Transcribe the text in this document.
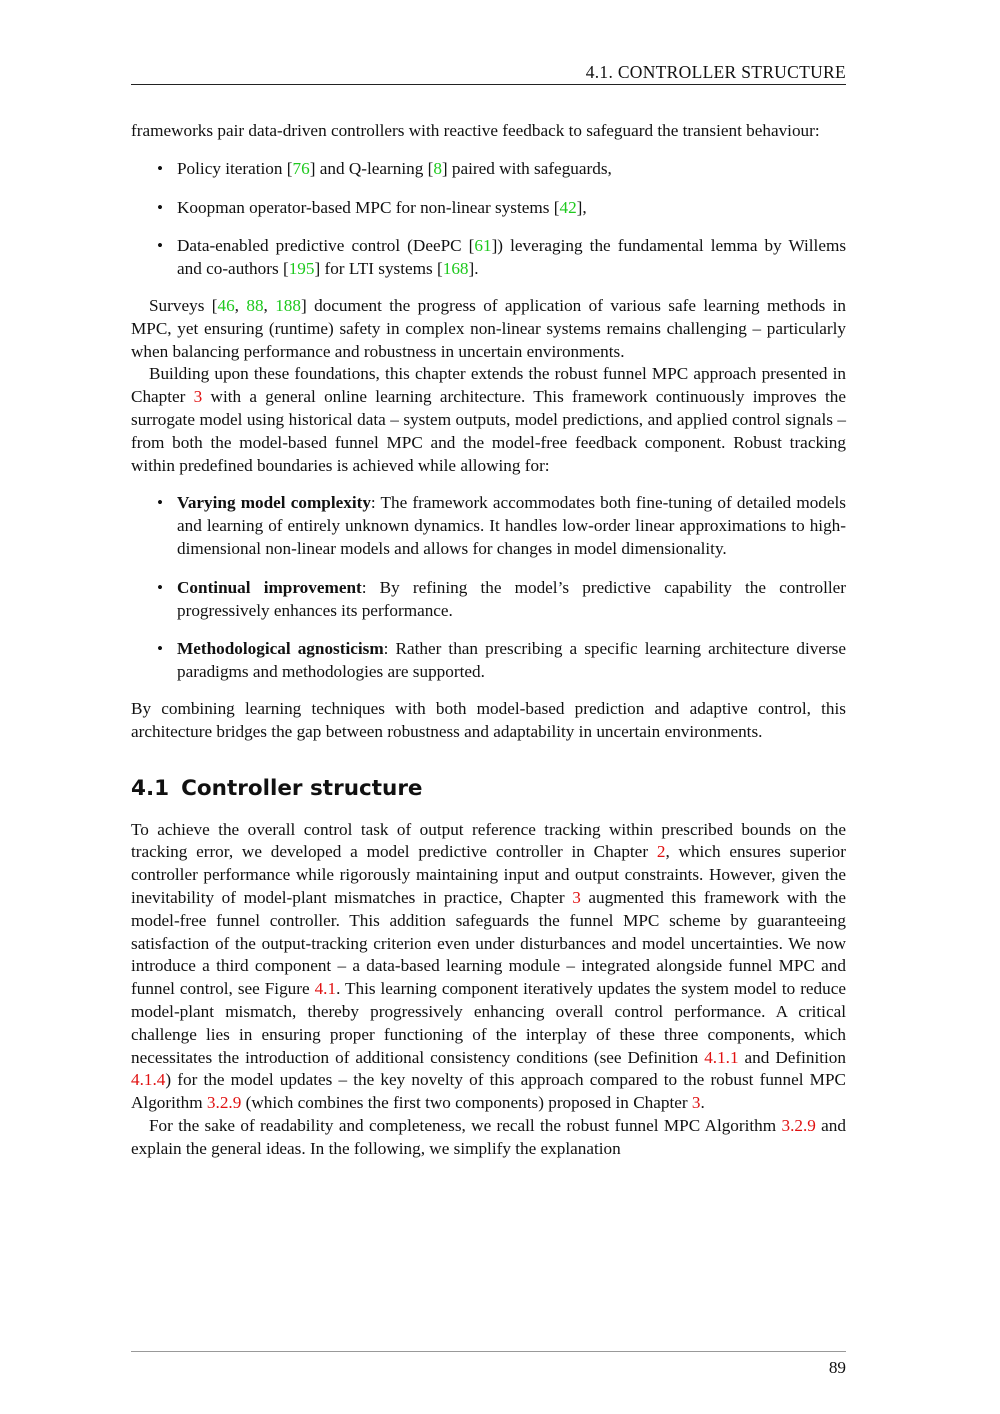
4.1. CONTROLLER STRUCTURE

frameworks pair data-driven controllers with reactive feedback to safeguard the transient behaviour:

• Policy iteration [76] and Q-learning [8] paired with safeguards,
• Koopman operator-based MPC for non-linear systems [42],
• Data-enabled predictive control (DeePC [61]) leveraging the fundamental lemma by Willems and co-authors [195] for LTI systems [168].

Surveys [46, 88, 188] document the progress of application of various safe learning methods in MPC, yet ensuring (runtime) safety in complex non-linear systems remains challenging – particularly when balancing performance and robustness in uncertain environments.

Building upon these foundations, this chapter extends the robust funnel MPC approach presented in Chapter 3 with a general online learning architecture. This framework continuously improves the surrogate model using historical data – system outputs, model predictions, and applied control signals – from both the model-based funnel MPC and the model-free feedback component. Robust tracking within predefined boundaries is achieved while allowing for:

• Varying model complexity: The framework accommodates both fine-tuning of detailed models and learning of entirely unknown dynamics. It handles low-order linear approximations to high-dimensional non-linear models and allows for changes in model dimensionality.
• Continual improvement: By refining the model’s predictive capability the controller progressively enhances its performance.
• Methodological agnosticism: Rather than prescribing a specific learning architecture diverse paradigms and methodologies are supported.

By combining learning techniques with both model-based prediction and adaptive control, this architecture bridges the gap between robustness and adaptability in uncertain environments.

4.1 Controller structure

To achieve the overall control task of output reference tracking within prescribed bounds on the tracking error, we developed a model predictive controller in Chapter 2, which ensures superior controller performance while rigorously maintaining input and output constraints. However, given the inevitability of model-plant mismatches in practice, Chapter 3 augmented this framework with the model-free funnel controller. This addition safeguards the funnel MPC scheme by guaranteeing satisfaction of the output-tracking criterion even under disturbances and model uncertainties. We now introduce a third component – a data-based learning module – integrated alongside funnel MPC and funnel control, see Figure 4.1. This learning component iteratively updates the system model to reduce model-plant mismatch, thereby progressively enhancing overall control performance. A critical challenge lies in ensuring proper functioning of the interplay of these three components, which necessitates the introduction of additional consistency conditions (see Definition 4.1.1 and Definition 4.1.4) for the model updates – the key novelty of this approach compared to the robust funnel MPC Algorithm 3.2.9 (which combines the first two components) proposed in Chapter 3.

For the sake of readability and completeness, we recall the robust funnel MPC Algorithm 3.2.9 and explain the general ideas. In the following, we simplify the explanation

89
